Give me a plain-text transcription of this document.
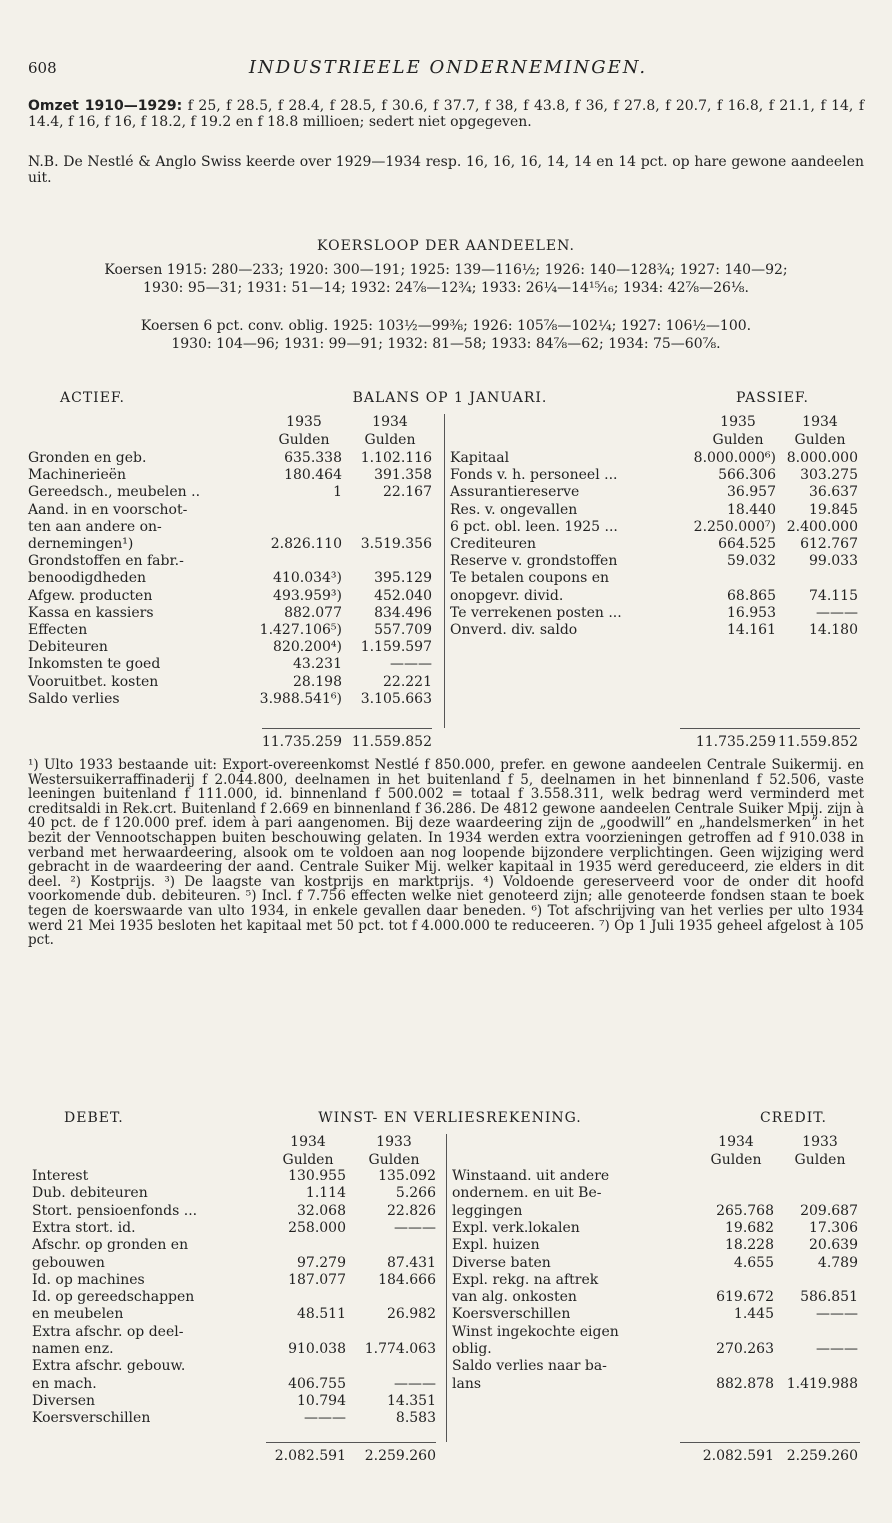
608	INDUSTRIEELE ONDERNEMINGEN.
Omzet 1910—1929: f 25, f 28.5, f 28.4, f 28.5, f 30.6, f 37.7, f 38, f 43.8, f 36, f 27.8, f 20.7, f 16.8, f 21.1, f 14, f 14.4, f 16, f 16, f 18.2, f 19.2 en f 18.8 millioen; sedert niet opgegeven.
N.B. De Nestlé & Anglo Swiss keerde over 1929—1934 resp. 16, 16, 16, 14, 14 en 14 pct. op hare gewone aandeelen uit.
KOERSLOOP DER AANDEELEN.
Koersen 1915: 280—233; 1920: 300—191; 1925: 139—116½; 1926: 140—128¾; 1927: 140—92;
1930: 95—31; 1931: 51—14; 1932: 24⅞—12¾; 1933: 26¼—14¹⁵⁄₁₆; 1934: 42⅞—26⅛.
Koersen 6 pct. conv. oblig. 1925: 103½—99⅜; 1926: 105⅞—102¼; 1927: 106½—100.
1930: 104—96; 1931: 99—91; 1932: 81—58; 1933: 84⅞—62; 1934: 75—60⅞.
ACTIEF.	BALANS OP 1 JANUARI.	PASSIEF.
1935	1934
Gulden	Gulden
1935	1934
Gulden	Gulden
Gronden en geb.	635.338	1.102.116
Machinerieën	180.464	391.358
Gereedsch., meubelen ..	1	22.167
Aand. in en voorschot-
ten aan andere on-
dernemingen¹)	2.826.110	3.519.356
Grondstoffen en fabr.-
benoodigdheden	410.034³)	395.129
Afgew. producten	493.959³)	452.040
Kassa en kassiers	882.077	834.496
Effecten	1.427.106⁵)	557.709
Debiteuren	820.200⁴)	1.159.597
Inkomsten te goed	43.231	———
Vooruitbet. kosten	28.198	22.221
Saldo verlies	3.988.541⁶)	3.105.663
Kapitaal	8.000.000⁶) 8.000.000
Fonds v. h. personeel ...	566.306	303.275
Assurantiereserve	36.957	36.637
Res. v. ongevallen	18.440	19.845
6 pct. obl. leen. 1925 ...	2.250.000⁷) 2.400.000
Crediteuren	664.525	612.767
Reserve v. grondstoffen	59.032	99.033
Te betalen coupons en
onopgevr. divid.	68.865	74.115
Te verrekenen posten ...	16.953	———
Onverd. div. saldo	14.161	14.180
11.735.259 11.559.852	11.735.259 11.559.852
¹) Ulto 1933 bestaande uit: Export-overeenkomst Nestlé f 850.000, prefer. en gewone aandeelen Centrale Suikermij. en Westersuikerraffinaderij f 2.044.800, deelnamen in het buitenland f 5, deelnamen in het binnenland f 52.506, vaste leeningen buitenland f 111.000, id. binnenland f 500.002 = totaal f 3.558.311, welk bedrag werd verminderd met creditsaldi in Rek.crt. Buitenland f 2.669 en binnenland f 36.286. De 4812 gewone aandeelen Centrale Suiker Mpij. zijn à 40 pct. de f 120.000 pref. idem à pari aangenomen. Bij deze waardeering zijn de „goodwill” en „handelsmerken” in het bezit der Vennootschappen buiten beschouwing gelaten. In 1934 werden extra voorzieningen getroffen ad f 910.038 in verband met herwaardeering, alsook om te voldoen aan nog loopende bijzondere verplichtingen. Geen wijziging werd gebracht in de waardeering der aand. Centrale Suiker Mij. welker kapitaal in 1935 werd gereduceerd, zie elders in dit deel. ²) Kostprijs. ³) De laagste van kostprijs en marktprijs. ⁴) Voldoende gereserveerd voor de onder dit hoofd voorkomende dub. debiteuren. ⁵) Incl. f 7.756 effecten welke niet genoteerd zijn; alle genoteerde fondsen staan te boek tegen de koerswaarde van ulto 1934, in enkele gevallen daar beneden. ⁶) Tot afschrijving van het verlies per ulto 1934 werd 21 Mei 1935 besloten het kapitaal met 50 pct. tot f 4.000.000 te reduceeren. ⁷) Op 1 Juli 1935 geheel afgelost à 105 pct.
DEBET.	WINST- EN VERLIESREKENING.	CREDIT.
1934	1933
Gulden	Gulden
1934	1933
Gulden	Gulden
Interest	130.955	135.092
Dub. debiteuren	1.114	5.266
Stort. pensioenfonds ...	32.068	22.826
Extra stort. id.	258.000	———
Afschr. op gronden en
gebouwen	97.279	87.431
Id. op machines	187.077	184.666
Id. op gereedschappen
en meubelen	48.511	26.982
Extra afschr. op deel-
namen enz.	910.038	1.774.063
Extra afschr. gebouw.
en mach.	406.755	———
Diversen	10.794	14.351
Koersverschillen	———	8.583
Winstaand. uit andere
ondernem. en uit Be-
leggingen	265.768	209.687
Expl. verk.lokalen	19.682	17.306
Expl. huizen	18.228	20.639
Diverse baten	4.655	4.789
Expl. rekg. na aftrek
van alg. onkosten	619.672	586.851
Koersverschillen	1.445	———
Winst ingekochte eigen
oblig.	270.263	———
Saldo verlies naar ba-
lans	882.878 1.419.988
2.082.591	2.259.260	2.082.591 2.259.260
